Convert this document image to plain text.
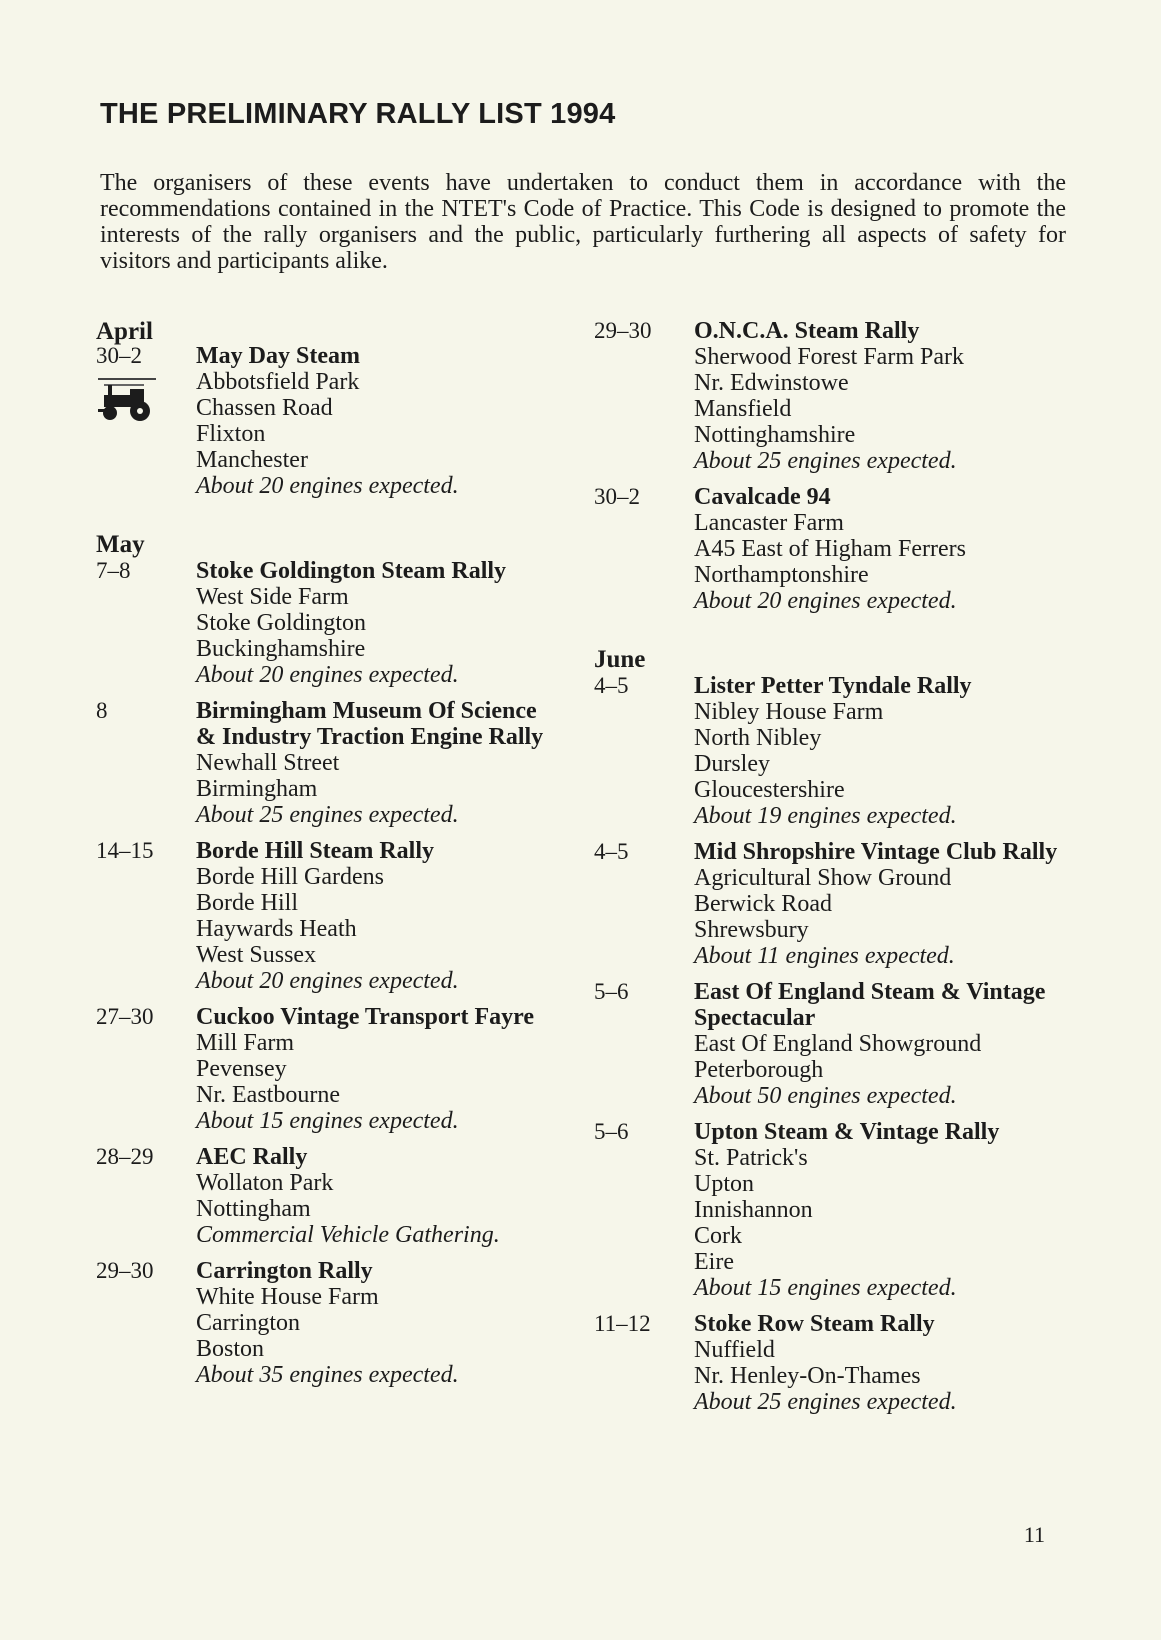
THE PRELIMINARY RALLY LIST 1994

The organisers of these events have undertaken to conduct them in accordance with the recommendations contained in the NTET's Code of Practice. This Code is designed to promote the interests of the rally organisers and the public, particularly furthering all aspects of safety for visitors and participants alike.

April
30–2	May Day Steam
Abbotsfield Park
Chassen Road
Flixton
Manchester
About 20 engines expected.
May
7–8	Stoke Goldington Steam Rally
West Side Farm
Stoke Goldington
Buckinghamshire
About 20 engines expected.
8	Birmingham Museum Of Science & Industry Traction Engine Rally
Newhall Street
Birmingham
About 25 engines expected.
14–15	Borde Hill Steam Rally
Borde Hill Gardens
Borde Hill
Haywards Heath
West Sussex
About 20 engines expected.
27–30	Cuckoo Vintage Transport Fayre
Mill Farm
Pevensey
Nr. Eastbourne
About 15 engines expected.
28–29	AEC Rally
Wollaton Park
Nottingham
Commercial Vehicle Gathering.
29–30	Carrington Rally
White House Farm
Carrington
Boston
About 35 engines expected.
29–30	O.N.C.A. Steam Rally
Sherwood Forest Farm Park
Nr. Edwinstowe
Mansfield
Nottinghamshire
About 25 engines expected.
30–2	Cavalcade 94
Lancaster Farm
A45 East of Higham Ferrers
Northamptonshire
About 20 engines expected.
June
4–5	Lister Petter Tyndale Rally
Nibley House Farm
North Nibley
Dursley
Gloucestershire
About 19 engines expected.
4–5	Mid Shropshire Vintage Club Rally
Agricultural Show Ground
Berwick Road
Shrewsbury
About 11 engines expected.
5–6	East Of England Steam & Vintage Spectacular
East Of England Showground
Peterborough
About 50 engines expected.
5–6	Upton Steam & Vintage Rally
St. Patrick's
Upton
Innishannon
Cork
Eire
About 15 engines expected.
11–12	Stoke Row Steam Rally
Nuffield
Nr. Henley-On-Thames
About 25 engines expected.
11
